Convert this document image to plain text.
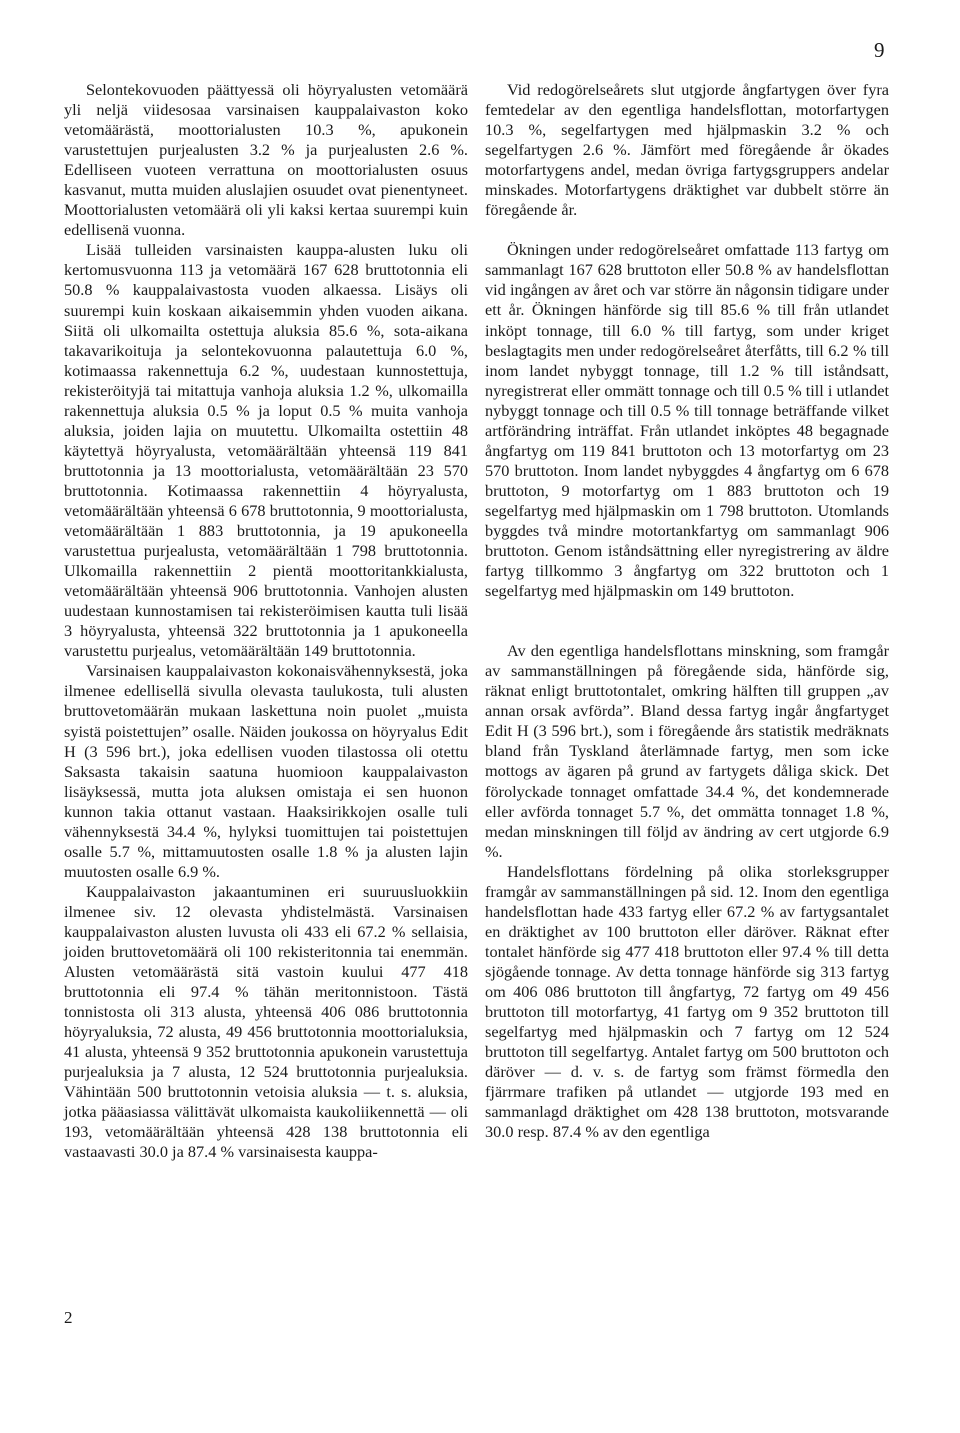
9

Selontekovuoden päättyessä oli höyryalusten vetomäärä yli neljä viidesosaa varsinaisen kauppalaivaston koko vetomäärästä, moottorialusten 10.3 %, apukonein varustettujen purjealusten 3.2 % ja purjealusten 2.6 %. Edelliseen vuoteen verrattuna on moottorialusten osuus kasvanut, mutta muiden aluslajien osuudet ovat pienentyneet. Moottorialusten vetomäärä oli yli kaksi kertaa suurempi kuin edellisenä vuonna.

Lisää tulleiden varsinaisten kauppa-alusten luku oli kertomusvuonna 113 ja vetomäärä 167 628 bruttotonnia eli 50.8 % kauppalaivastosta vuoden alkaessa. Lisäys oli suurempi kuin koskaan aikaisemmin yhden vuoden aikana. Siitä oli ulkomailta ostettuja aluksia 85.6 %, sota-aikana takavarikoituja ja selontekovuonna palautettuja 6.0 %, kotimaassa rakennettuja 6.2 %, uudestaan kunnostettuja, rekisteröityjä tai mitattuja vanhoja aluksia 1.2 %, ulkomailla rakennettuja aluksia 0.5 % ja loput 0.5 % muita vanhoja aluksia, joiden lajia on muutettu. Ulkomailta ostettiin 48 käytettyä höyryalusta, vetomäärältään yhteensä 119 841 bruttotonnia ja 13 moottorialusta, vetomäärältään 23 570 bruttotonnia. Kotimaassa rakennettiin 4 höyryalusta, vetomäärältään yhteensä 6 678 bruttotonnia, 9 moottorialusta, vetomäärältään 1 883 bruttotonnia, ja 19 apukoneella varustettua purjealusta, vetomäärältään 1 798 bruttotonnia. Ulkomailla rakennettiin 2 pientä moottoritankkialusta, vetomäärältään yhteensä 906 bruttotonnia. Vanhojen alusten uudestaan kunnostamisen tai rekisteröimisen kautta tuli lisää 3 höyryalusta, yhteensä 322 bruttotonnia ja 1 apukoneella varustettu purjealus, vetomäärältään 149 bruttotonnia.

Varsinaisen kauppalaivaston kokonaisvähennyksestä, joka ilmenee edellisellä sivulla olevasta taulukosta, tuli alusten bruttovetomäärän mukaan laskettuna noin puolet „muista syistä poistettujen” osalle. Näiden joukossa on höyryalus Edit H (3 596 brt.), joka edellisen vuoden tilastossa oli otettu Saksasta takaisin saatuna huomioon kauppalaivaston lisäyksessä, mutta jota aluksen omistaja ei sen huonon kunnon takia ottanut vastaan. Haaksirikkojen osalle tuli vähennyksestä 34.4 %, hylyksi tuomittujen tai poistettujen osalle 5.7 %, mittamuutosten osalle 1.8 % ja alusten lajin muutosten osalle 6.9 %.

Kauppalaivaston jakaantuminen eri suuruusluokkiin ilmenee siv. 12 olevasta yhdistelmästä. Varsinaisen kauppalaivaston alusten luvusta oli 433 eli 67.2 % sellaisia, joiden bruttovetomäärä oli 100 rekisteritonnia tai enemmän. Alusten vetomäärästä sitä vastoin kuului 477 418 bruttotonnia eli 97.4 % tähän meritonnistoon. Tästä tonnistosta oli 313 alusta, yhteensä 406 086 bruttotonnia höyryaluksia, 72 alusta, 49 456 bruttotonnia moottorialuksia, 41 alusta, yhteensä 9 352 bruttotonnia apukonein varustettuja purjealuksia ja 7 alusta, 12 524 bruttotonnia purjealuksia. Vähintään 500 bruttotonnin vetoisia aluksia — t. s. aluksia, jotka pääasiassa välittävät ulkomaista kaukoliikennettä — oli 193, vetomäärältään yhteensä 428 138 bruttotonnia eli vastaavasti 30.0 ja 87.4 % varsinaisesta kauppa-

Vid redogörelseårets slut utgjorde ångfartygen över fyra femtedelar av den egentliga handelsflottan, motorfartygen 10.3 %, segelfartygen med hjälpmaskin 3.2 % och segelfartygen 2.6 %. Jämfört med föregående år ökades motorfartygens andel, medan övriga fartygsgruppers andelar minskades. Motorfartygens dräktighet var dubbelt större än föregående år.

Ökningen under redogörelseåret omfattade 113 fartyg om sammanlagt 167 628 bruttoton eller 50.8 % av handelsflottan vid ingången av året och var större än någonsin tidigare under ett år. Ökningen hänförde sig till 85.6 % till från utlandet inköpt tonnage, till 6.0 % till fartyg, som under kriget beslagtagits men under redogörelseåret återfåtts, till 6.2 % till inom landet nybyggt tonnage, till 1.2 % till iståndsatt, nyregistrerat eller ommätt tonnage och till 0.5 % till i utlandet nybyggt tonnage och till 0.5 % till tonnage beträffande vilket artförändring inträffat. Från utlandet inköptes 48 begagnade ångfartyg om 119 841 bruttoton och 13 motorfartyg om 23 570 bruttoton. Inom landet nybyggdes 4 ångfartyg om 6 678 bruttoton, 9 motorfartyg om 1 883 bruttoton och 19 segelfartyg med hjälpmaskin om 1 798 bruttoton. Utomlands byggdes två mindre motortankfartyg om sammanlagt 906 bruttoton. Genom iståndsättning eller nyregistrering av äldre fartyg tillkommo 3 ångfartyg om 322 bruttoton och 1 segelfartyg med hjälpmaskin om 149 bruttoton.

Av den egentliga handelsflottans minskning, som framgår av sammanställningen på föregående sida, hänförde sig, räknat enligt bruttotontalet, omkring hälften till gruppen „av annan orsak avförda”. Bland dessa fartyg ingår ångfartyget Edit H (3 596 brt.), som i föregående års statistik medräknats bland från Tyskland återlämnade fartyg, men som icke mottogs av ägaren på grund av fartygets dåliga skick. Det förolyckade tonnaget omfattade 34.4 %, det kondemnerade eller avförda tonnaget 5.7 %, det ommätta tonnaget 1.8 %, medan minskningen till följd av ändring av cert utgjorde 6.9 %.

Handelsflottans fördelning på olika storleksgrupper framgår av sammanställningen på sid. 12. Inom den egentliga handelsflottan hade 433 fartyg eller 67.2 % av fartygsantalet en dräktighet av 100 bruttoton eller däröver. Räknat efter tontalet hänförde sig 477 418 bruttoton eller 97.4 % till detta sjögående tonnage. Av detta tonnage hänförde sig 313 fartyg om 406 086 bruttoton till ångfartyg, 72 fartyg om 49 456 bruttoton till motorfartyg, 41 fartyg om 9 352 bruttoton till segelfartyg med hjälpmaskin och 7 fartyg om 12 524 bruttoton till segelfartyg. Antalet fartyg om 500 bruttoton och däröver — d. v. s. de fartyg som främst förmedla den fjärrmare trafiken på utlandet — utgjorde 193 med en sammanlagd dräktighet om 428 138 bruttoton, motsvarande 30.0 resp. 87.4 % av den egentliga

2
